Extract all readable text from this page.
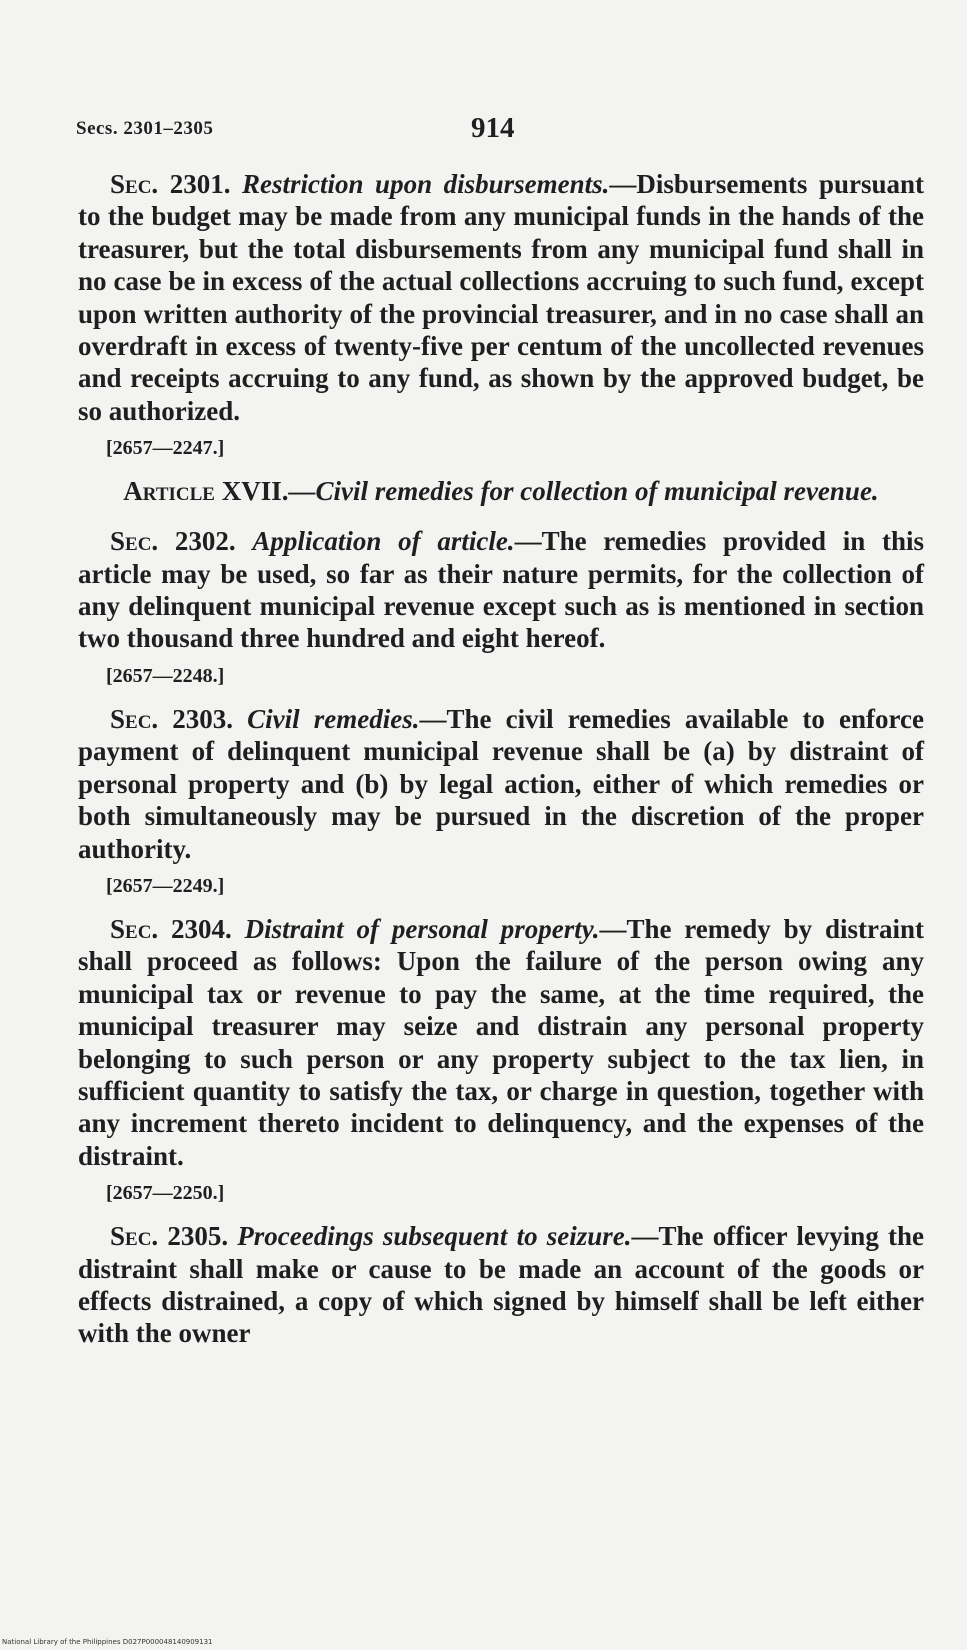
Secs. 2301–2305	914

Sec. 2301. Restriction upon disbursements.—Disbursements pursuant to the budget may be made from any municipal funds in the hands of the treasurer, but the total disbursements from any municipal fund shall in no case be in excess of the actual collections accruing to such fund, except upon written authority of the provincial treasurer, and in no case shall an overdraft in excess of twenty-five per centum of the uncollected revenues and receipts accruing to any fund, as shown by the approved budget, be so authorized.

[2657—2247.]
Article XVII.—Civil remedies for collection of municipal revenue.

Sec. 2302. Application of article.—The remedies provided in this article may be used, so far as their nature permits, for the collection of any delinquent municipal revenue except such as is mentioned in section two thousand three hundred and eight hereof.

[2657—2248.]

Sec. 2303. Civil remedies.—The civil remedies available to enforce payment of delinquent municipal revenue shall be (a) by distraint of personal property and (b) by legal action, either of which remedies or both simultaneously may be pursued in the discretion of the proper authority.

[2657—2249.]

Sec. 2304. Distraint of personal property.—The remedy by distraint shall proceed as follows: Upon the failure of the person owing any municipal tax or revenue to pay the same, at the time required, the municipal treasurer may seize and distrain any personal property belonging to such person or any property subject to the tax lien, in sufficient quantity to satisfy the tax, or charge in question, together with any increment thereto incident to delinquency, and the expenses of the distraint.

[2657—2250.]

Sec. 2305. Proceedings subsequent to seizure.—The officer levying the distraint shall make or cause to be made an account of the goods or effects distrained, a copy of which signed by himself shall be left either with the owner

National Library of the Philippines D027P000048140909131
